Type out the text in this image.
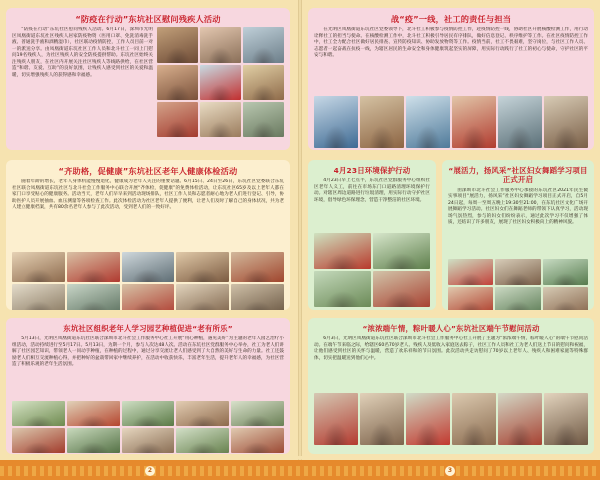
“防疫在行动”东坑社区慰问残疾人活动

“防疫在行动”东坑社区慰问残疾人活动。6月17日，深圳市光明区凤凰街道东坑社区残疾人居家防疫物资（医用口罩、免洗消毒洗手液、普通洗手液和酒精湿巾），社区联动疫情防控，工作人员目前一对一的派送分享。由凤凰街道东坑社区工作人员和北斗社工一同上门慰问19名残疾人，为社区残疾人的安全防疫提供帮助。东坑社区始终关注残疾人朋友，在社区内开展关注社区残疾人等线路供给，在社区营造“和谐、友爱、互助”的良好氛围，让残疾人感受到社区的关爱和温暖，切实增强残疾人的获得感和幸福感。

“齐助格，促健康”东坑社区老年人健康体检活动

随着年龄的增长，老年人身体机能慢慢退化，健康成为老年人关注的重要话题。6月15日、24日至26日，东坑社区党委联合东坑社区联合凤凰街道东坑社区与北斗社会工作服务中心联合开展“齐体检，促健康”的免费体检活动，让东坑社区65岁及以上老年人都在家门口享受贴心的健康服务。活动当天，老年人们早早来到活动现场排队，社区工作人员和志愿者耐心地为老人们进行登记、引导，协助医护人员开展抽血、血压测量等各项检查工作。此次体检活动为社区老年人提供了便利，让老人们及时了解自己的身体状况，共为老人建立健康档案，共有80余名老年人参与了此次活动，受到老人们的一致好评。

东坑社区组织老年人学习园艺种植促进“老有所乐”

5月13日，光明区凤凰街道东坑社区联合深圳市北斗社会工作服务中心社工开展“用心种植，遇见美好”为主题的老年人园艺治疗小组活动，活动持续进行至5月17日。5月13日，为期一个月，参与人次达48人次。活动在东坑社区党群服务中心举办，社工为老人们讲解了社区园艺知识，带领老人一同动手种植，在种植的过程中，通过分享交流让老人们感受到了大自然的美好与生命的力量。社工还鼓励老人们相互交流种植心得，并把种好的盆栽带回家中继续养护，在活动中收获快乐，丰富老年生活，提升老年人的幸福感，为社区营造了积极乐观的老年生活氛围。

战“疫”一线，社工的责任与担当

在光明区凤凰街道东坑社区党委领导下，北斗社工积极参与疫情防控工作，赴疫情防控一线，协助社区开展核酸检测工作，用行动诠释社工的担当与使命。在核酸检测工作中，北斗社工积极引导居民有序排队，做好信息登记、秩序维护等工作。在社区疫情防控工作中，社工全力配合社区做好居民排查、宣传防疫知识、协助发放物资等工作。疫情当前，社工不畏艰难，坚守岗位，与社区工作人员、志愿者一起奋战在抗疫一线，为辖区居民的生命安全和身体健康筑起坚实的屏障，用实际行动践行了社工的初心与使命，守护社区的平安与和谐。

4月23日环境保护行动

4月23日早上七点半，东坑社区党群服务中心组织社区老年人义工，前往在市场东门口道路清理环境保护行动。对辖区周边道路进行垃圾清理，用实际行动守护社区环境，倡导绿色环保理念，营造干净整洁的社区环境。

“展活力，扬风采”社区妇女舞蹈学习项目正式开启

由深圳市北斗社会工作服务中心承接的东坑社区2021年民生微实事项目“展活力，扬风采”社区妇女舞蹈学习项目正式开启，自5月24日起，每周一至周五晚上19:30至21:00，在东坑社区文化广场开展舞蹈学习活动。社区妇女们在舞蹈老师的带领下认真学习，活动现场气氛热烈，参与的妇女们纷纷表示，通过此次学习不仅增强了体质，还结识了许多朋友，展现了社区妇女积极向上的精神风貌。

“浓浓端午情，粽叶暖人心”东坑社区端午节慰问活动

6月3日，光明区凤凰街道东坑社区联合深圳市北斗社会工作服务中心社工开展了主题为“浓浓端午情，粽叶暖人心”的端午节慰问活动。在端午节来临之际，给辖区60名70岁老人、残疾人及低收入家庭送去粽子，社区工作人员和社工为老人们送上节日的慰问和祝福，让他们感受到社区的关怀与温暖，营造了欢乐祥和的节日氛围。此次活动共走访慰问了70岁以上老年人、残疾人和困难家庭等特殊群体，切实把温暖送到他们心中。

2	3
